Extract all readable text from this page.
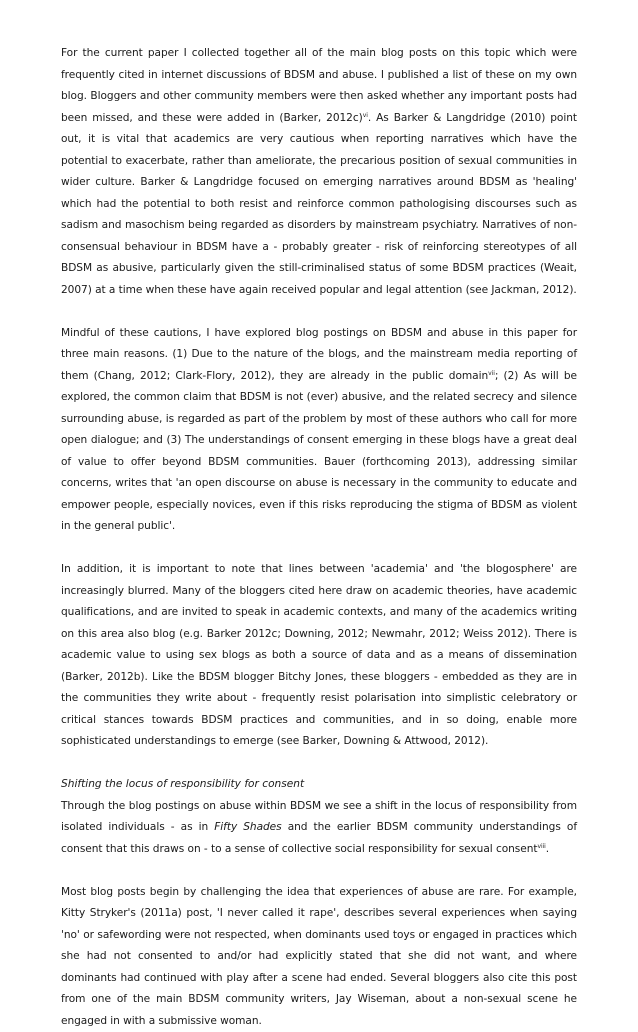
For the current paper I collected together all of the main blog posts on this topic which were frequently cited in internet discussions of BDSM and abuse. I published a list of these on my own blog. Bloggers and other community members were then asked whether any important posts had been missed, and these were added in (Barker, 2012c)$^{vi}$. As Barker & Langdridge (2010) point out, it is vital that academics are very cautious when reporting narratives which have the potential to exacerbate, rather than ameliorate, the precarious position of sexual communities in wider culture. Barker & Langdridge focused on emerging narratives around BDSM as 'healing' which had the potential to both resist and reinforce common pathologising discourses such as sadism and masochism being regarded as disorders by mainstream psychiatry. Narratives of non-consensual behaviour in BDSM have a - probably greater - risk of reinforcing stereotypes of all BDSM as abusive, particularly given the still-criminalised status of some BDSM practices (Weait, 2007) at a time when these have again received popular and legal attention (see Jackman, 2012).

Mindful of these cautions, I have explored blog postings on BDSM and abuse in this paper for three main reasons. (1) Due to the nature of the blogs, and the mainstream media reporting of them (Chang, 2012; Clark-Flory, 2012), they are already in the public domain$^{vii}$; (2) As will be explored, the common claim that BDSM is not (ever) abusive, and the related secrecy and silence surrounding abuse, is regarded as part of the problem by most of these authors who call for more open dialogue; and (3) The understandings of consent emerging in these blogs have a great deal of value to offer beyond BDSM communities. Bauer (forthcoming 2013), addressing similar concerns, writes that 'an open discourse on abuse is necessary in the community to educate and empower people, especially novices, even if this risks reproducing the stigma of BDSM as violent in the general public'.

In addition, it is important to note that lines between 'academia' and 'the blogosphere' are increasingly blurred. Many of the bloggers cited here draw on academic theories, have academic qualifications, and are invited to speak in academic contexts, and many of the academics writing on this area also blog (e.g. Barker 2012c; Downing, 2012; Newmahr, 2012; Weiss 2012). There is academic value to using sex blogs as both a source of data and as a means of dissemination (Barker, 2012b). Like the BDSM blogger Bitchy Jones, these bloggers - embedded as they are in the communities they write about - frequently resist polarisation into simplistic celebratory or critical stances towards BDSM practices and communities, and in so doing, enable more sophisticated understandings to emerge (see Barker, Downing & Attwood, 2012).

Shifting the locus of responsibility for consent

Through the blog postings on abuse within BDSM we see a shift in the locus of responsibility from isolated individuals - as in Fifty Shades and the earlier BDSM community understandings of consent that this draws on - to a sense of collective social responsibility for sexual consent$^{viii}$.

Most blog posts begin by challenging the idea that experiences of abuse are rare. For example, Kitty Stryker's (2011a) post, 'I never called it rape', describes several experiences when saying 'no' or safewording were not respected, when dominants used toys or engaged in practices which she had not consented to and/or had explicitly stated that she did not want, and where dominants had continued with play after a scene had ended. Several bloggers also cite this post from one of the main BDSM community writers, Jay Wiseman, about a non-sexual scene he engaged in with a submissive woman.
